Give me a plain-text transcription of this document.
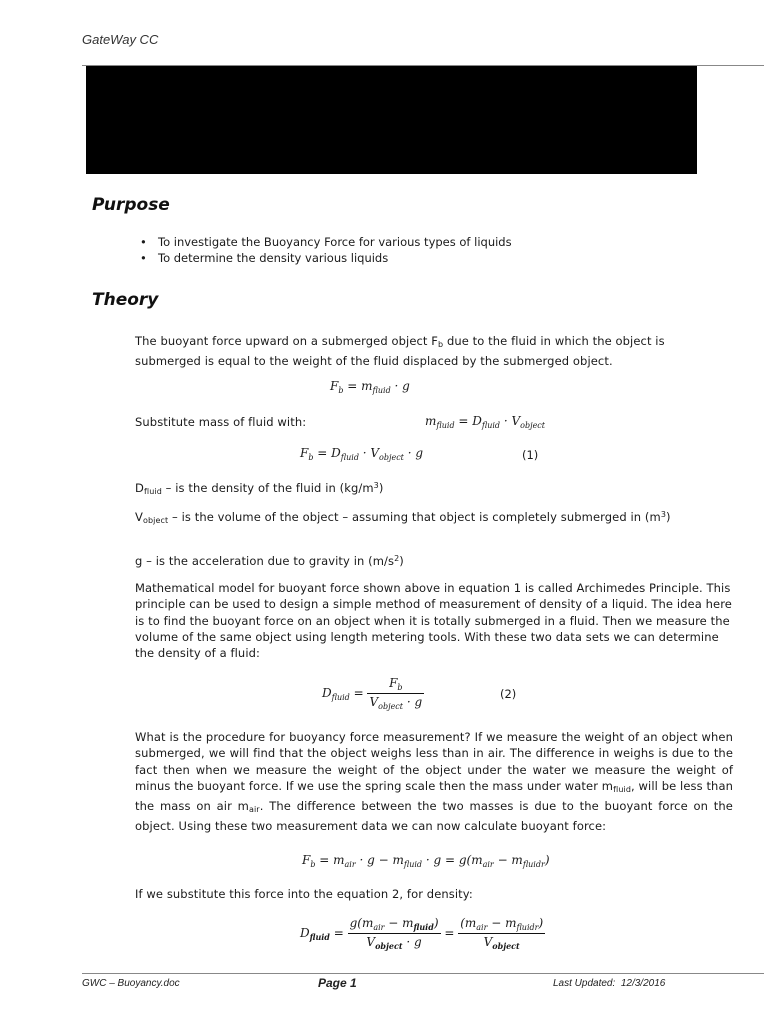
GateWay CC
Purpose
• To investigate the Buoyancy Force for various types of liquids
• To determine the density various liquids
Theory

The buoyant force upward on a submerged object $F_b$ due to the fluid in which the object is submerged is equal to the weight of the fluid displaced by the submerged object.

$F_b = m_{fluid} \cdot g$
Substitute mass of fluid with:	$m_{fluid} = D_{fluid} \cdot V_{object}$
$F_b = D_{fluid} \cdot V_{object} \cdot g$	(1)

$D_{fluid}$ – is the density of the fluid in $(kg/m^3)$

$V_{object}$ – is the volume of the object – assuming that object is completely submerged in $(m^3)$

g – is the acceleration due to gravity in $(m/s^2)$

Mathematical model for buoyant force shown above in equation 1 is called Archimedes Principle. This principle can be used to design a simple method of measurement of density of a liquid. The idea here is to find the buoyant force on an object when it is totally submerged in a fluid. Then we measure the volume of the same object using length metering tools. With these two data sets we can determine the density of a fluid:
$D_{fluid} = \frac{F_b}{V_{object} \cdot g}$	(2)

What is the procedure for buoyancy force measurement? If we measure the weight of an object when submerged, we will find that the object weighs less than in air. The difference in weighs is due to the fact then when we measure the weight of the object under the water we measure the weight of minus the buoyant force. If we use the spring scale then the mass under water $m_{fluid}$, will be less than the mass on air $m_{air}$. The difference between the two masses is due to the buoyant force on the object. Using these two measurement data we can now calculate buoyant force:

$F_b = m_{air} \cdot g - m_{fluid} \cdot g = g(m_{air} - m_{fluidr})$
If we substitute this force into the equation 2, for density:
$D_{fluid} = \frac{g(m_{air} - m_{fluid})}{V_{object} \cdot g} = \frac{(m_{air} - m_{fluidr})}{V_{object}}$
GWC – Buoyancy.doc	Page 1	Last Updated: 12/3/2016
